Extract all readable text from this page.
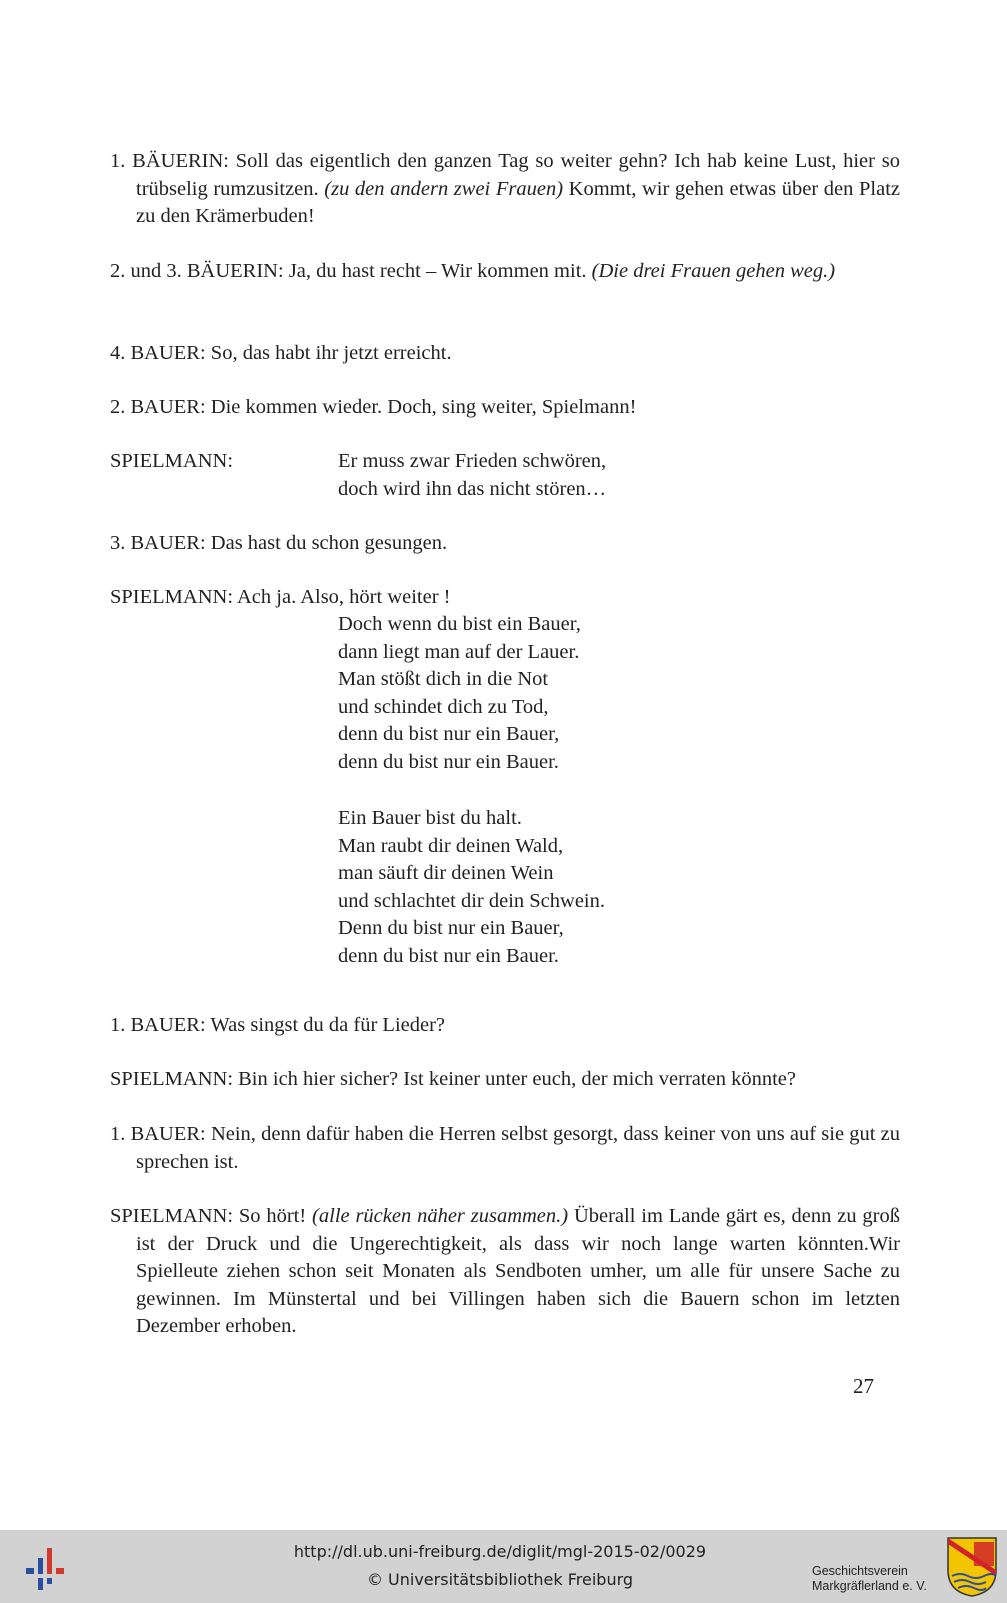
1. BÄUERIN: Soll das eigentlich den ganzen Tag so weiter gehn? Ich hab keine Lust, hier so trübselig rumzusitzen. (zu den andern zwei Frauen) Kommt, wir gehen etwas über den Platz zu den Krämerbuden!
2. und 3. BÄUERIN: Ja, du hast recht – Wir kommen mit. (Die drei Frauen gehen weg.)
4. BAUER: So, das habt ihr jetzt erreicht.
2. BAUER: Die kommen wieder. Doch, sing weiter, Spielmann!
SPIELMANN:	Er muss zwar Frieden schwören,
doch wird ihn das nicht stören…
3. BAUER: Das hast du schon gesungen.
SPIELMANN: Ach ja. Also, hört weiter !
Doch wenn du bist ein Bauer,
dann liegt man auf der Lauer.
Man stößt dich in die Not
und schindet dich zu Tod,
denn du bist nur ein Bauer,
denn du bist nur ein Bauer.
Ein Bauer bist du halt.
Man raubt dir deinen Wald,
man säuft dir deinen Wein
und schlachtet dir dein Schwein.
Denn du bist nur ein Bauer,
denn du bist nur ein Bauer.
1. BAUER: Was singst du da für Lieder?
SPIELMANN: Bin ich hier sicher? Ist keiner unter euch, der mich verraten könnte?
1. BAUER: Nein, denn dafür haben die Herren selbst gesorgt, dass keiner von uns auf sie gut zu sprechen ist.
SPIELMANN: So hört! (alle rücken näher zusammen.) Überall im Lande gärt es, denn zu groß ist der Druck und die Ungerechtigkeit, als dass wir noch lange warten könnten.Wir Spielleute ziehen schon seit Monaten als Sendboten umher, um alle für unsere Sache zu gewinnen. Im Münstertal und bei Villingen haben sich die Bauern schon im letzten Dezember erhoben.
27
http://dl.ub.uni-freiburg.de/diglit/mgl-2015-02/0029
© Universitätsbibliothek Freiburg	Geschichtsverein
Markgräflerland e. V.
